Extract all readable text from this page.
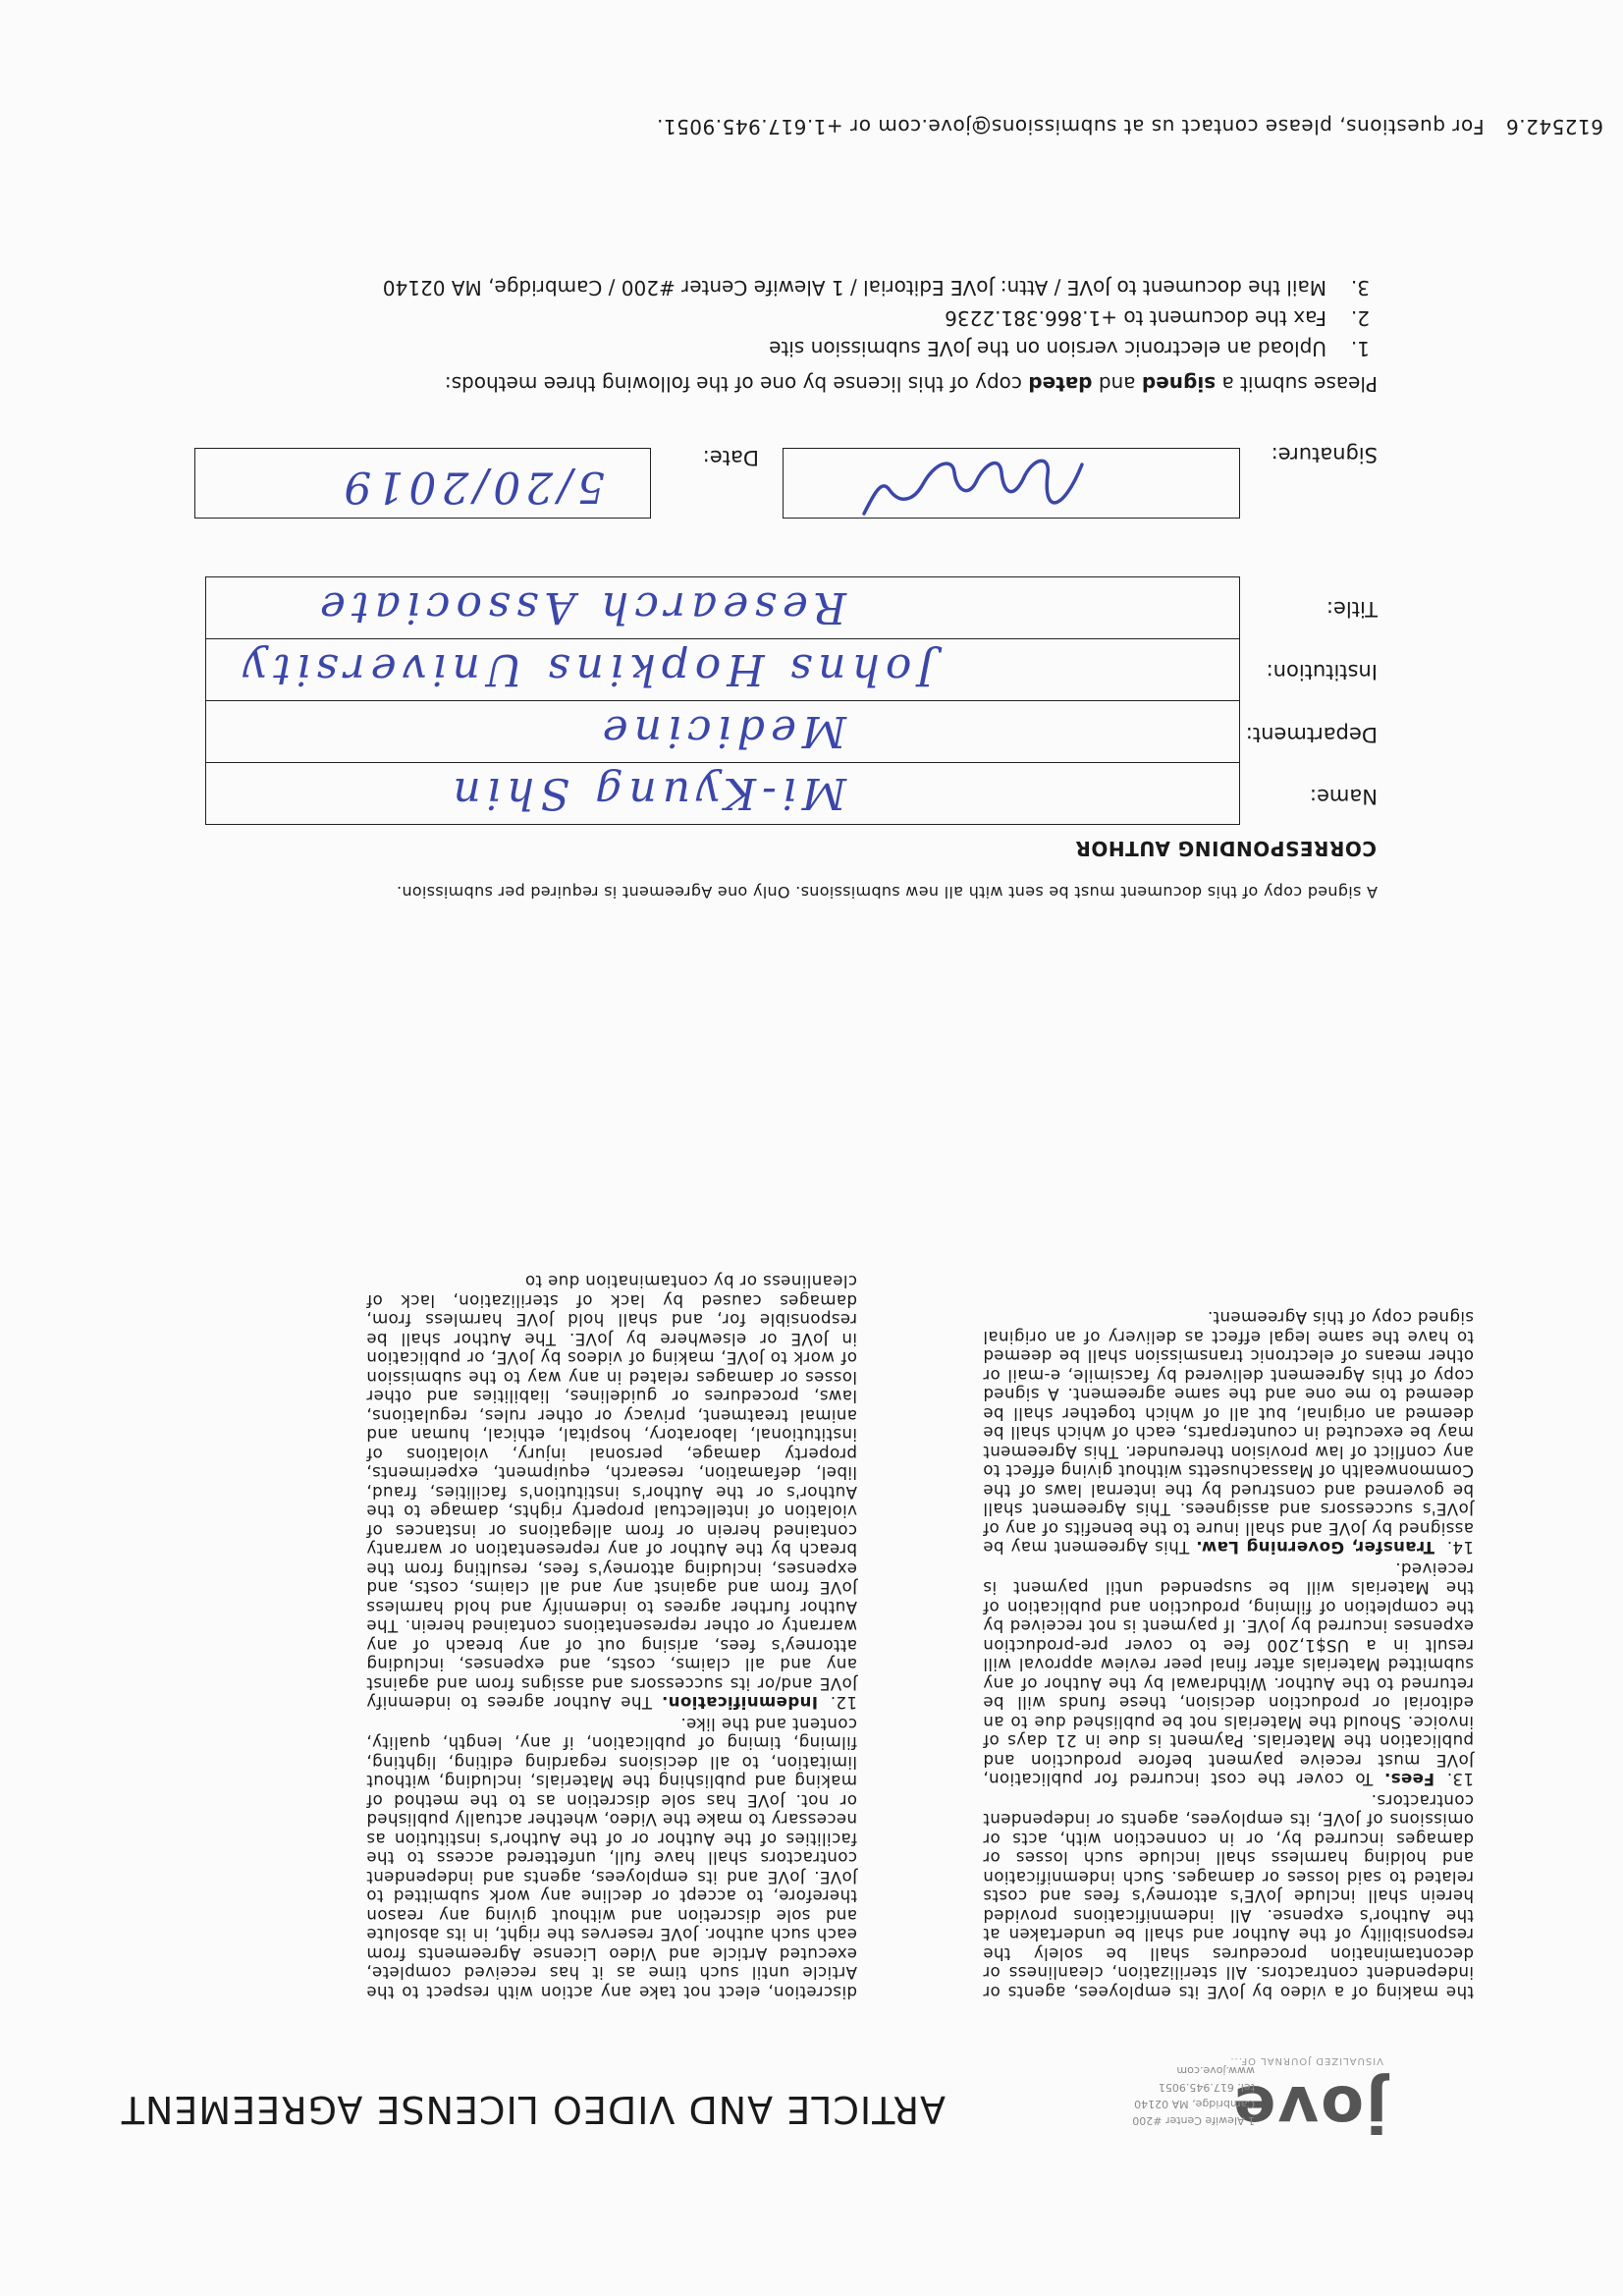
jove
VISUALIZED JOURNAL OF...
1 Alewife Center #200
Cambridge, MA 02140
tel. 617.945.9051
www.jove.com
ARTICLE AND VIDEO LICENSE AGREEMENT

discretion, elect not take any action with respect to the Article until such time as it has received complete, executed Article and Video License Agreements from each such author. JoVE reserves the right, in its absolute and sole discretion and without giving any reason therefore, to accept or decline any work submitted to JoVE. JoVE and its employees, agents and independent contractors shall have full, unfettered access to the facilities of the Author or of the Author's institution as necessary to make the Video, whether actually published or not. JoVE has sole discretion as to the method of making and publishing the Materials, including, without limitation, to all decisions regarding editing, lighting, filming, timing of publication, if any, length, quality, content and the like.

12.Indemnification. The Author agrees to indemnify JoVE and/or its successors and assigns from and against any and all claims, costs, and expenses, including attorney's fees, arising out of any breach of any warranty or other representations contained herein. The Author further agrees to indemnify and hold harmless JoVE from and against any and all claims, costs, and expenses, including attorney's fees, resulting from the breach by the Author of any representation or warranty contained herein or from allegations or instances of violation of intellectual property rights, damage to the Author's or the Author's institution's facilities, fraud, libel, defamation, research, equipment, experiments, property damage, personal injury, violations of institutional, laboratory, hospital, ethical, human and animal treatment, privacy or other rules, regulations, laws, procedures or guidelines, liabilities and other losses or damages related in any way to the submission of work to JoVE, making of videos by JoVE, or publication in JoVE or elsewhere by JoVE. The Author shall be responsible for, and shall hold JoVE harmless from, damages caused by lack of sterilization, lack of cleanliness or by contamination due to

the making of a video by JoVE its employees, agents or independent contractors. All sterilization, cleanliness or decontamination procedures shall be solely the responsibility of the Author and shall be undertaken at the Author's expense. All indemnifications provided herein shall include JoVE's attorney's fees and costs related to said losses or damages. Such indemnification and holding harmless shall include such losses or damages incurred by, or in connection with, acts or omissions of JoVE, its employees, agents or independent contractors.

13.Fees. To cover the cost incurred for publication, JoVE must receive payment before production and publication the Materials. Payment is due in 21 days of invoice. Should the Materials not be published due to an editorial or production decision, these funds will be returned to the Author. Withdrawal by the Author of any submitted Materials after final peer review approval will result in a US$1,200 fee to cover pre-production expenses incurred by JoVE. If payment is not received by the completion of filming, production and publication of the Materials will be suspended until payment is received.

14.Transfer, Governing Law. This Agreement may be assigned by JoVE and shall inure to the benefits of any of JoVE's successors and assignees. This Agreement shall be governed and construed by the internal laws of the Commonwealth of Massachusetts without giving effect to any conflict of law provision thereunder. This Agreement may be executed in counterparts, each of which shall be deemed an original, but all of which together shall be deemed to me one and the same agreement. A signed copy of this Agreement delivered by facsimile, e-mail or other means of electronic transmission shall be deemed to have the same legal effect as delivery of an original signed copy of this Agreement.

A signed copy of this document must be sent with all new submissions. Only one Agreement is required per submission.
CORRESPONDING AUTHOR
Name:
Department:
Institution:
Title:
Mi-Kyung Shin
Medicine
Johns Hopkins University
Research Associate
Signature:
Date:
5/20/2019
Please submit a signed and dated copy of this license by one of the following three methods:
1.Upload an electronic version on the JoVE submission site
2.Fax the document to +1.866.381.2236
3.Mail the document to JoVE / Attn: JoVE Editorial / 1 Alewife Center #200 / Cambridge, MA 02140
612542.6For questions, please contact us at submissions@jove.com or +1.617.945.9051.
